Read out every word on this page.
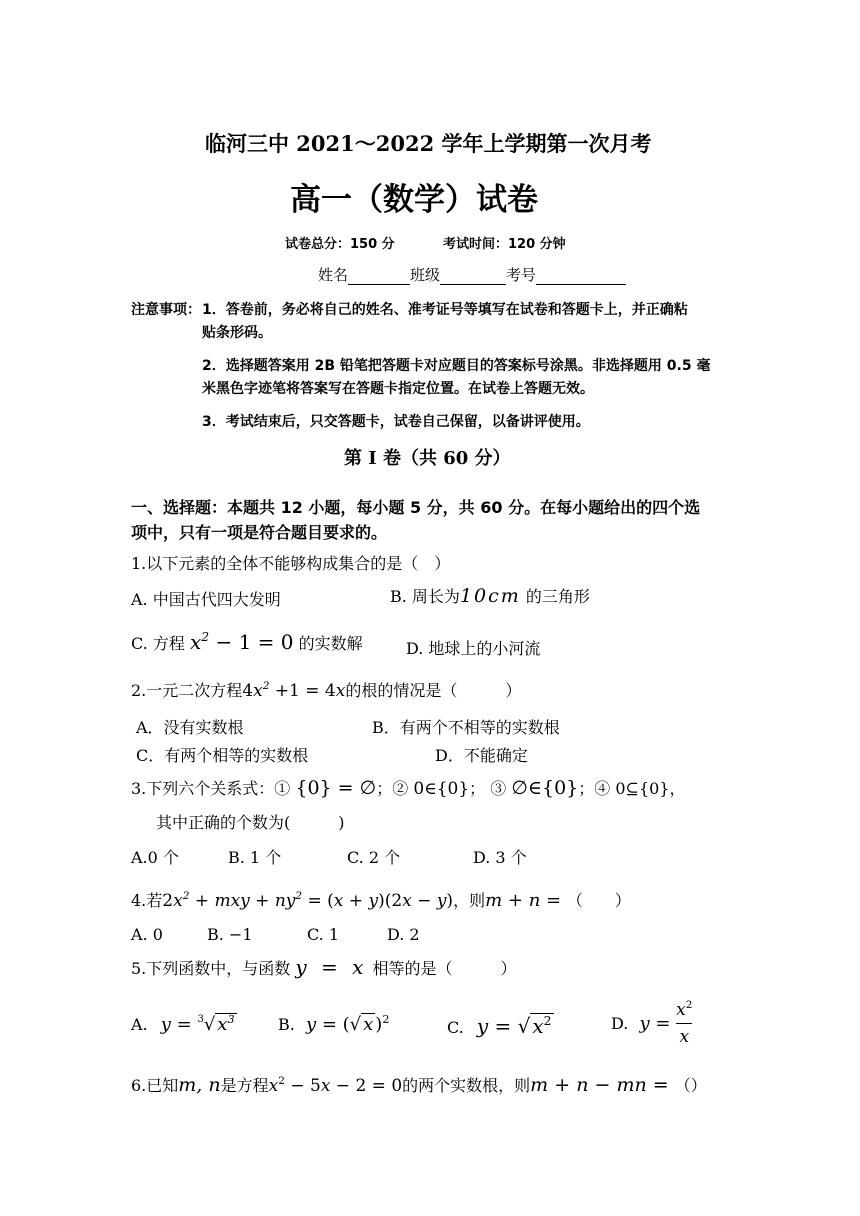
临河三中 2021～2022 学年上学期第一次月考
高一（数学）试卷
试卷总分：150 分	考试时间：120 分钟
姓名	班级	考号
注意事项： 1．答卷前，务必将自己的姓名、准考证号等填写在试卷和答题卡上，并正确粘
贴条形码。
2．选择题答案用 2B 铅笔把答题卡对应题目的答案标号涂黑。非选择题用 0.5 毫
米黑色字迹笔将答案写在答题卡指定位置。在试卷上答题无效。
3．考试结束后，只交答题卡，试卷自己保留，以备讲评使用。
第 Ⅰ 卷（共 60 分）
一、选择题：本题共 12 小题，每小题 5 分，共 60 分。在每小题给出的四个选
项中，只有一项是符合题目要求的。
1.以下元素的全体不能够构成集合的是（　）
A. 中国古代四大发明	B. 周长为10cm 的三角形
C. 方程 $x^2 - 1 = 0$ 的实数解	D. 地球上的小河流
2.一元二次方程$4x^2 +1 = 4x$的根的情况是（　　　）
A．没有实数根	B．有两个不相等的实数根
C．有两个相等的实数根	D．不能确定
3.下列六个关系式：① {0} = ∅；② 0∈{0}； ③ ∅∈{0}；④ 0⊆{0}，
其中正确的个数为(　　　)
A.0 个	B. 1 个	C. 2 个	D. 3 个
4.若$2x^2$ + mxy + $ny^2 = (x + y)(2x - y)$，则m + n = （　　）
A. 0	B. −1	C. 1	D. 2
5.下列函数中，与函数 y = x 相等的是（　　　）
A. y = $^3$√ $x^3$	B. y = (√ x )$^2$	C. y = √ $x^2$	D. $y = \frac{x^2}{x}$
6.已知m, n是方程$x^2 - 5x - 2 = 0$的两个实数根，则m + n − mn = （）
